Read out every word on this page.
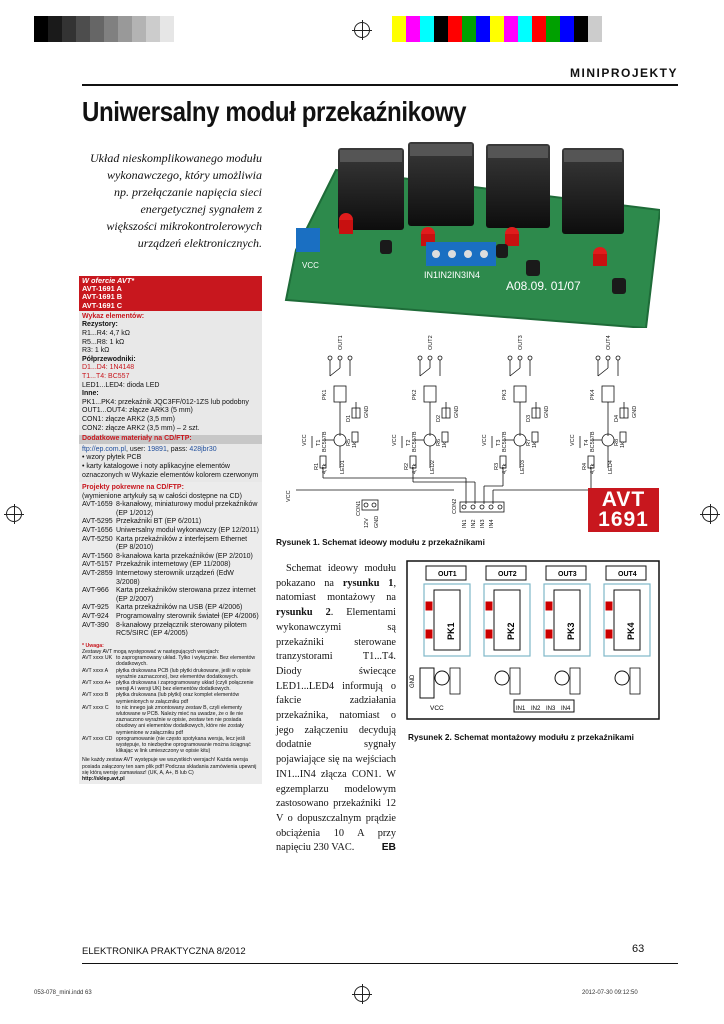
MINIPROJEKTY
Uniwersalny moduł przekaźnikowy
Układ nieskomplikowanego modułu wykonawczego, który umożliwia np. przełączanie napięcia sieci energetycznej sygnałem z większości mikrokontrolerowych urządzeń elektronicznych.
VCC
IN1IN2IN3IN4
A08.09. 01/07
W ofercie AVT*
AVT-1691 A
AVT-1691 B
AVT-1691 C
Wykaz elementów:
Rezystory:
R1...R4: 4,7 kΩ
R5...R8: 1 kΩ
R3: 1 kΩ
Półprzewodniki:
D1...D4: 1N4148
T1...T4: BC557
LED1...LED4: dioda LED
Inne:
PK1...PK4: przekaźnik JQC3FF/012-1ZS lub podobny
OUT1...OUT4: złącze ARK3 (5 mm)
CON1: złącze ARK2 (3,5 mm)
CON2: złącze ARK2 (3,5 mm) – 2 szt.
Dodatkowe materiały na CD/FTP:
ftp://ep.com.pl, user: 19891, pass: 428jbr30
• wzory płytek PCB
• karty katalogowe i noty aplikacyjne elementów oznaczonych w Wykazie elementów kolorem czerwonym
Projekty pokrewne na CD/FTP:
(wymienione artykuły są w całości dostępne na CD)
AVT-1659 8-kanałowy, miniaturowy moduł przekaźników (EP 1/2012)
AVT-5295 Przekaźniki BT (EP 6/2011)
AVT-1656 Uniwersalny moduł wykonawczy (EP 12/2011)
AVT-5250 Karta przekaźników z interfejsem Ethernet (EP 8/2010)
AVT-1560 8-kanałowa karta przekaźników (EP 2/2010)
AVT-5157 Przekaźnik internetowy (EP 11/2008)
AVT-2859 Internetowy sterownik urządzeń (EdW 3/2008)
AVT-966	Karta przekaźników sterowana przez internet (EP 2/2007)
AVT-925	Karta przekaźników na USB (EP 4/2006)
AVT-924	Programowalny sterownik świateł (EP 4/2006)
AVT-390	8-kanałowy przełącznik sterowany pilotem RC5/SIRC (EP 4/2005)
* Uwaga:
Zestawy AVT mogą występować w następujących wersjach:
AVT xxxx UK to zaprogramowany układ. Tylko i wyłącznie. Bez elementów dodatkowych.
AVT xxxx A	płytka drukowana PCB (lub płytki drukowane, jeśli w opisie wyraźnie zaznaczono), bez elementów dodatkowych.
AVT xxxx A+ płytka drukowana i zaprogramowany układ (czyli połączenie wersji A i wersji UK) bez elementów dodatkowych.
AVT xxxx B	płytka drukowana (lub płytki) oraz komplet elementów wymienionych w załączniku pdf
AVT xxxx C	to nic innego jak zmontowany zestaw B, czyli elementy wlutowane w PCB. Należy mieć na uwadze, że o ile nie zaznaczono wyraźnie w opisie, zestaw ten nie posiada obudowy ani elementów dodatkowych, które nie zostały wymienione w załączniku pdf
AVT xxxx CD oprogramowanie (nie często spotykana wersja, lecz jeśli występuje, to niezbędne oprogramowanie można ściągnąć klikając w link umieszczony w opisie kitu)
Nie każdy zestaw AVT występuje we wszystkich wersjach! Każda wersja posiada załączony ten sam plik pdf! Podczas składania zamówienia upewnij się którą wersję zamawiasz! (UK, A, A+, B lub C)
http://sklep.avt.pl
OUT1
PK1
D1
GND
T1 BC557B	R5 1k
R1 4,7k LED1
VCC
OUT2
PK2
D2
GND
T2 BC557B	R6 1k
R2 4,7k LED2
VCC
OUT3
PK3
D3
GND
T3 BC557B	R7 1k
R3 4,7k LED3
VCC
OUT4
PK4
D4
GND
T4 BC557B	R8 1k
R4 4,7k LED4
VCC
VCC
CON1
12V GND
CON2
IN1 IN2 IN3 IN4
AVT
1691
Rysunek 1. Schemat ideowy modułu z przekaźnikami
Schemat ideowy modułu pokazano na rysunku 1, natomiast montażowy na rysunku 2. Elementami wykonawczymi są przekaźniki sterowane tranzystorami T1...T4. Diody świecące LED1...LED4 informują o fakcie zadziałania przekaźnika, natomiast o jego załączeniu decydują dodatnie sygnały pojawiające się na wejściach IN1...IN4 złącza CON1. W egzemplarzu modelowym zastosowano przekaźniki 12 V o dopuszczalnym prądzie obciążenia 10 A przy napięciu 230 VAC.	EB
OUT1
PK1
OUT2
PK2
OUT3
PK3
OUT4
PK4
GND
VCC	IN1 IN2 IN3 IN4
Rysunek 2. Schemat montażowy modułu z przekaźnikami
ELEKTRONIKA PRAKTYCZNA 8/2012	63
053-078_mini.indd 63	2012-07-30 09:12:50
